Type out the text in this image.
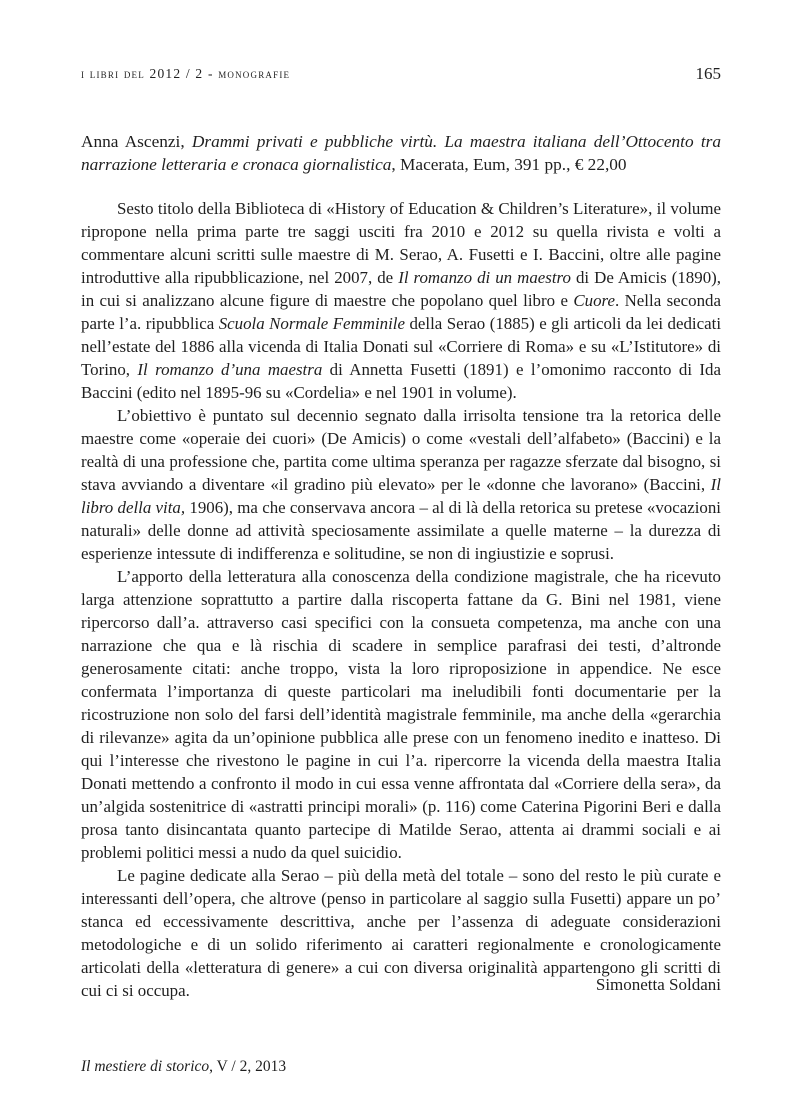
i libri del 2012 / 2 - monografie	165
Anna Ascenzi, Drammi privati e pubbliche virtù. La maestra italiana dell’Ottocento tra narrazione letteraria e cronaca giornalistica, Macerata, Eum, 391 pp., € 22,00

Sesto titolo della Biblioteca di «History of Education & Children’s Literature», il volume ripropone nella prima parte tre saggi usciti fra 2010 e 2012 su quella rivista e volti a commentare alcuni scritti sulle maestre di M. Serao, A. Fusetti e I. Baccini, oltre alle pagine introduttive alla ripubblicazione, nel 2007, de Il romanzo di un maestro di De Amicis (1890), in cui si analizzano alcune figure di maestre che popolano quel libro e Cuore. Nella seconda parte l’a. ripubblica Scuola Normale Femminile della Serao (1885) e gli articoli da lei dedicati nell’estate del 1886 alla vicenda di Italia Donati sul «Corriere di Roma» e su «L’Istitutore» di Torino, Il romanzo d’una maestra di Annetta Fusetti (1891) e l’omonimo racconto di Ida Baccini (edito nel 1895-96 su «Cordelia» e nel 1901 in volume).

L’obiettivo è puntato sul decennio segnato dalla irrisolta tensione tra la retorica delle maestre come «operaie dei cuori» (De Amicis) o come «vestali dell’alfabeto» (Baccini) e la realtà di una professione che, partita come ultima speranza per ragazze sferzate dal bisogno, si stava avviando a diventare «il gradino più elevato» per le «donne che lavorano» (Baccini, Il libro della vita, 1906), ma che conservava ancora – al di là della retorica su pretese «vocazioni naturali» delle donne ad attività speciosamente assimilate a quelle materne – la durezza di esperienze intessute di indifferenza e solitudine, se non di ingiustizie e soprusi.

L’apporto della letteratura alla conoscenza della condizione magistrale, che ha ricevuto larga attenzione soprattutto a partire dalla riscoperta fattane da G. Bini nel 1981, viene ripercorso dall’a. attraverso casi specifici con la consueta competenza, ma anche con una narrazione che qua e là rischia di scadere in semplice parafrasi dei testi, d’altronde generosamente citati: anche troppo, vista la loro riproposizione in appendice. Ne esce confermata l’importanza di queste particolari ma ineludibili fonti documentarie per la ricostruzione non solo del farsi dell’identità magistrale femminile, ma anche della «gerarchia di rilevanze» agita da un’opinione pubblica alle prese con un fenomeno inedito e inatteso. Di qui l’interesse che rivestono le pagine in cui l’a. ripercorre la vicenda della maestra Italia Donati mettendo a confronto il modo in cui essa venne affrontata dal «Corriere della sera», da un’algida sostenitrice di «astratti principi morali» (p. 116) come Caterina Pigorini Beri e dalla prosa tanto disincantata quanto partecipe di Matilde Serao, attenta ai drammi sociali e ai problemi politici messi a nudo da quel suicidio.

Le pagine dedicate alla Serao – più della metà del totale – sono del resto le più curate e interessanti dell’opera, che altrove (penso in particolare al saggio sulla Fusetti) appare un po’ stanca ed eccessivamente descrittiva, anche per l’assenza di adeguate considerazioni metodologiche e di un solido riferimento ai caratteri regionalmente e cronologicamente articolati della «letteratura di genere» a cui con diversa originalità appartengono gli scritti di cui ci si occupa.	Simonetta Soldani
Il mestiere di storico, V / 2, 2013
